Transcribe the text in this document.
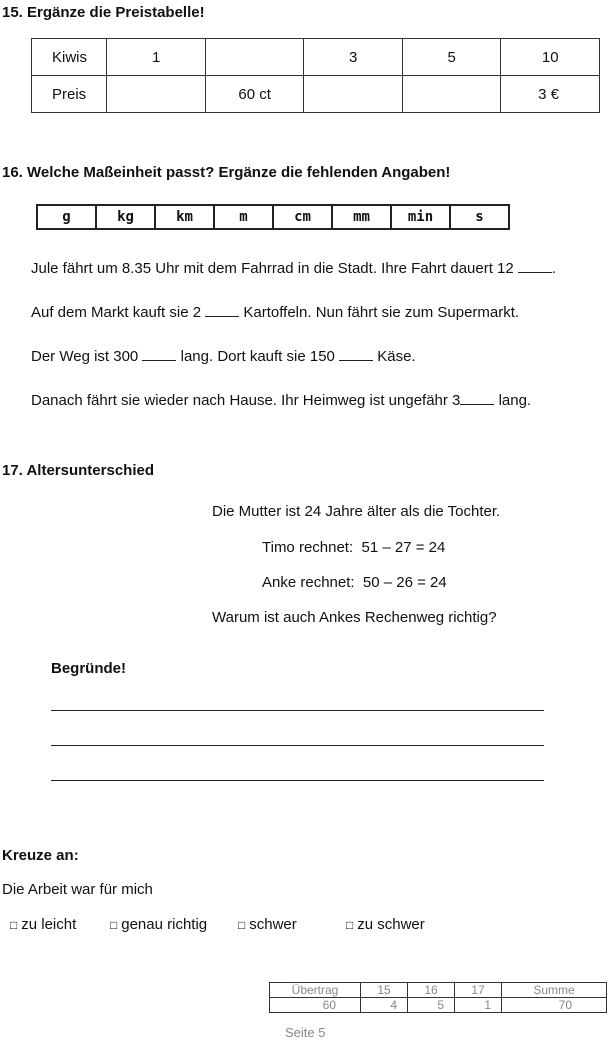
15. Ergänze die Preistabelle!
Kiwis	1		3	5	10
Preis		60 ct			3 €
16. Welche Maßeinheit passt? Ergänze die fehlenden Angaben!
g	kg	km	m	cm	mm	min	s
Jule fährt um 8.35 Uhr mit dem Fahrrad in die Stadt. Ihre Fahrt dauert 12	.
Auf dem Markt kauft sie 2	Kartoffeln. Nun fährt sie zum Supermarkt.
Der Weg ist 300	lang. Dort kauft sie 150	Käse.
Danach fährt sie wieder nach Hause. Ihr Heimweg ist ungefähr 3	lang.
17. Altersunterschied
Die Mutter ist 24 Jahre älter als die Tochter.
Timo rechnet:  51 – 27 = 24
Anke rechnet:  50 – 26 = 24
Warum ist auch Ankes Rechenweg richtig?
Begründe!
Kreuze an:
Die Arbeit war für mich
□ zu leicht	□ genau richtig	□ schwer	□ zu schwer
Übertrag	15	16	17	Summe
60	4	5	1	70
Seite 5
